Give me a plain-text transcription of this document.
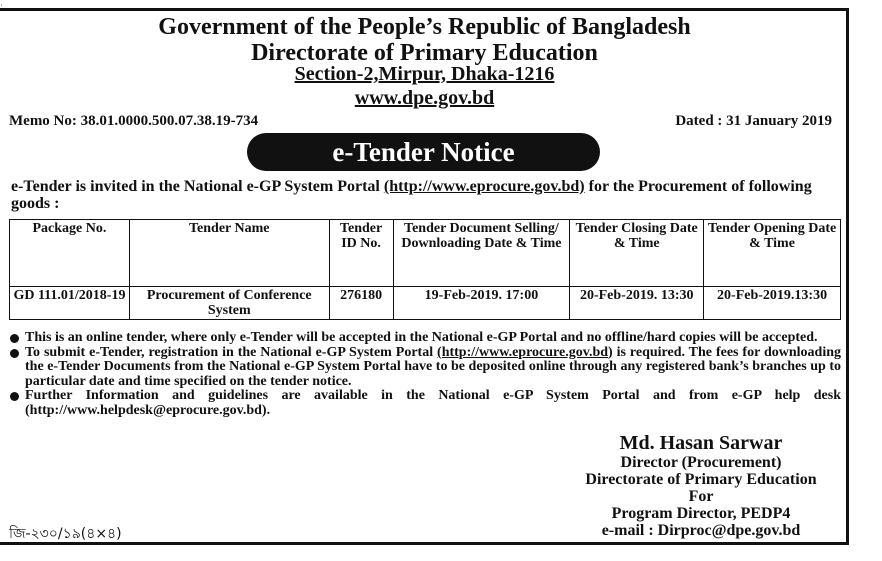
·
Government of the People’s Republic of Bangladesh
Directorate of Primary Education
Section-2,Mirpur, Dhaka-1216
www.dpe.gov.bd
Memo No: 38.01.0000.500.07.38.19-734	Dated : 31 January 2019
e-Tender Notice
e-Tender is invited in the National e-GP System Portal (http://www.eprocure.gov.bd) for the Procurement of following goods :
Package No.	Tender Name	Tender ID No.	Tender Document Selling/ Downloading Date & Time	Tender Closing Date & Time	Tender Opening Date & Time
GD 111.01/2018-19	Procurement of Conference System	276180	19-Feb-2019. 17:00	20-Feb-2019. 13:30	20-Feb-2019.13:30
This is an online tender, where only e-Tender will be accepted in the National e-GP Portal and no offline/hard copies will be accepted.
To submit e-Tender, registration in the National e-GP System Portal (http://www.eprocure.gov.bd) is required. The fees for downloading the e-Tender Documents from the National e-GP System Portal have to be deposited online through any registered bank’s branches up to particular date and time specified on the tender notice.
Further Information and guidelines are available in the National e-GP System Portal and from e-GP help desk (http://www.helpdesk@eprocure.gov.bd).
Md. Hasan Sarwar
Director (Procurement)
Directorate of Primary Education
For
Program Director, PEDP4
e-mail : Dirproc@dpe.gov.bd
জি-২৩০/১৯(৪×৪)
